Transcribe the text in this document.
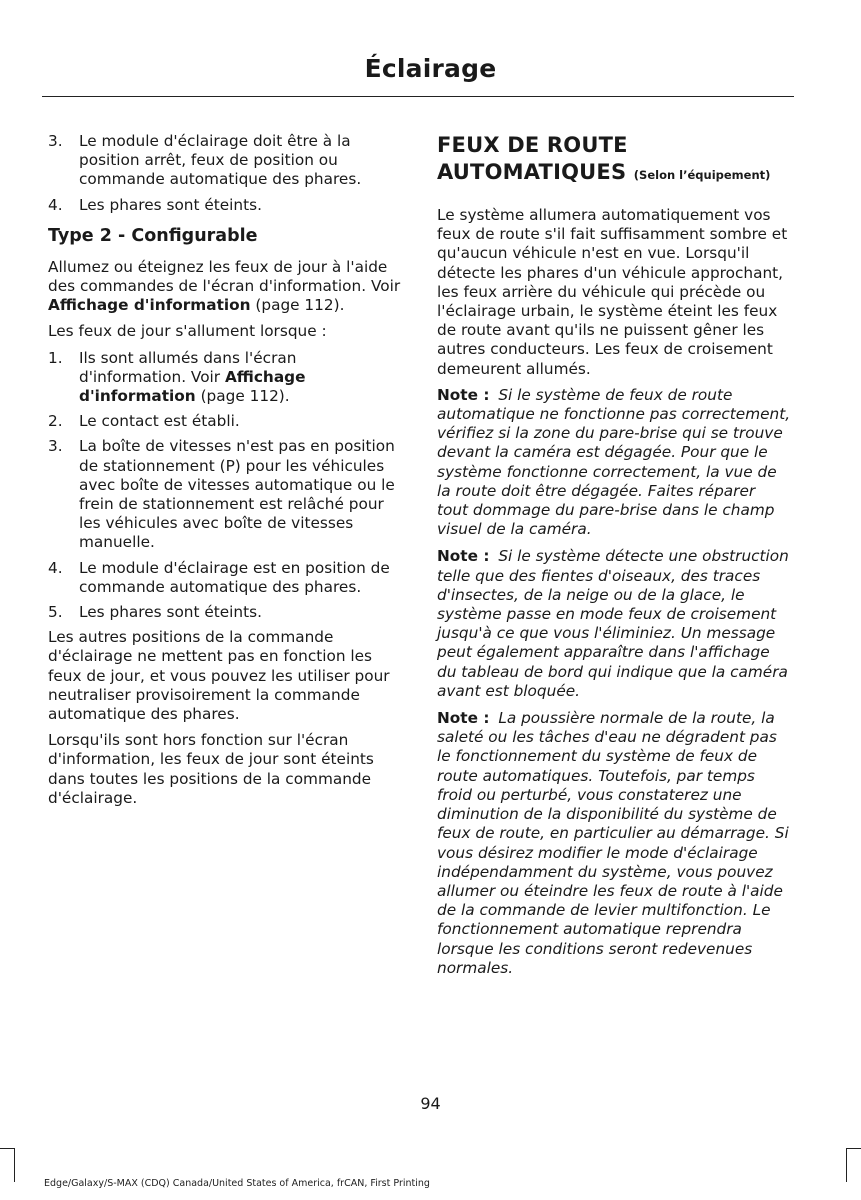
Éclairage
3. Le module d'éclairage doit être à la position arrêt, feux de position ou commande automatique des phares.
4. Les phares sont éteints.
Type 2 - Configurable

Allumez ou éteignez les feux de jour à l'aide des commandes de l'écran d'information. Voir Affichage d'information (page 112).

Les feux de jour s'allument lorsque :

1. Ils sont allumés dans l'écran d'information. Voir Affichage d'information (page 112).
2. Le contact est établi.
3. La boîte de vitesses n'est pas en position de stationnement (P) pour les véhicules avec boîte de vitesses automatique ou le frein de stationnement est relâché pour les véhicules avec boîte de vitesses manuelle.
4. Le module d'éclairage est en position de commande automatique des phares.
5. Les phares sont éteints.

Les autres positions de la commande d'éclairage ne mettent pas en fonction les feux de jour, et vous pouvez les utiliser pour neutraliser provisoirement la commande automatique des phares.

Lorsqu'ils sont hors fonction sur l'écran d'information, les feux de jour sont éteints dans toutes les positions de la commande d'éclairage.

FEUX DE ROUTE AUTOMATIQUES (Selon l’équipement)

Le système allumera automatiquement vos feux de route s'il fait suffisamment sombre et qu'aucun véhicule n'est en vue. Lorsqu'il détecte les phares d'un véhicule approchant, les feux arrière du véhicule qui précède ou l'éclairage urbain, le système éteint les feux de route avant qu'ils ne puissent gêner les autres conducteurs. Les feux de croisement demeurent allumés.

Note : Si le système de feux de route automatique ne fonctionne pas correctement, vérifiez si la zone du pare-brise qui se trouve devant la caméra est dégagée. Pour que le système fonctionne correctement, la vue de la route doit être dégagée. Faites réparer tout dommage du pare-brise dans le champ visuel de la caméra.

Note : Si le système détecte une obstruction telle que des fientes d'oiseaux, des traces d'insectes, de la neige ou de la glace, le système passe en mode feux de croisement jusqu'à ce que vous l'éliminiez. Un message peut également apparaître dans l'affichage du tableau de bord qui indique que la caméra avant est bloquée.

Note : La poussière normale de la route, la saleté ou les tâches d'eau ne dégradent pas le fonctionnement du système de feux de route automatiques. Toutefois, par temps froid ou perturbé, vous constaterez une diminution de la disponibilité du système de feux de route, en particulier au démarrage. Si vous désirez modifier le mode d'éclairage indépendamment du système, vous pouvez allumer ou éteindre les feux de route à l'aide de la commande de levier multifonction. Le fonctionnement automatique reprendra lorsque les conditions seront redevenues normales.

94
Edge/Galaxy/S-MAX (CDQ) Canada/United States of America, frCAN, First Printing
